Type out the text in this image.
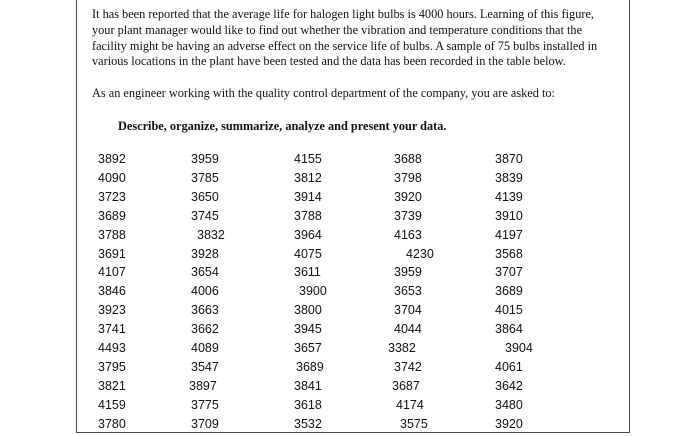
It has been reported that the average life for halogen light bulbs is 4000 hours. Learning of this figure, your plant manager would like to find out whether the vibration and temperature conditions that the facility might be having an adverse effect on the service life of bulbs. A sample of 75 bulbs installed in various locations in the plant have been tested and the data has been recorded in the table below.

As an engineer working with the quality control department of the company, you are asked to:

Describe, organize, summarize, analyze and present your data.

3892	3959	4155	3688	3870
4090	3785	3812	3798	3839
3723	3650	3914	3920	4139
3689	3745	3788	3739	3910
3788	3832	3964	4163	4197
3691	3928	4075	4230	3568
4107	3654	3611	3959	3707
3846	4006	3900	3653	3689
3923	3663	3800	3704	4015
3741	3662	3945	4044	3864
4493	4089	3657	3382	3904
3795	3547	3689	3742	4061
3821	3897	3841	3687	3642
4159	3775	3618	4174	3480
3780	3709	3532	3575	3920
